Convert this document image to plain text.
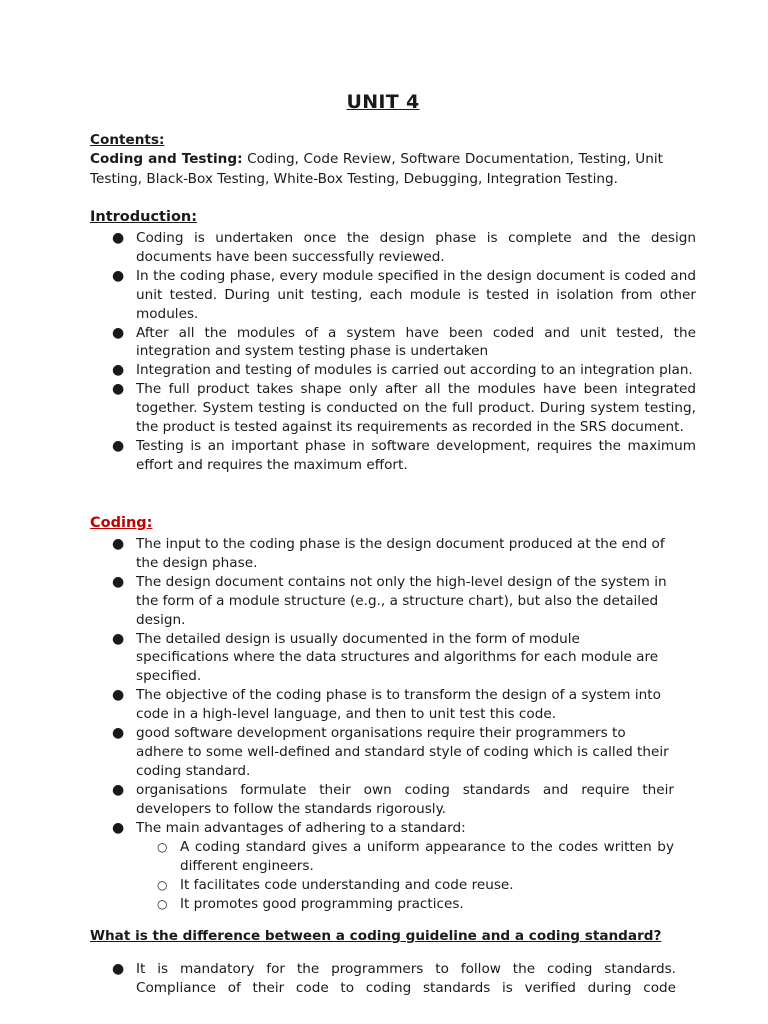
UNIT 4
Contents:
Coding and Testing: Coding, Code Review, Software Documentation, Testing, Unit Testing, Black-Box Testing, White-Box Testing, Debugging, Integration Testing.
Introduction:
● Coding is undertaken once the design phase is complete and the design documents have been successfully reviewed.
● In the coding phase, every module specified in the design document is coded and unit tested. During unit testing, each module is tested in isolation from other modules.
● After all the modules of a system have been coded and unit tested, the integration and system testing phase is undertaken
● Integration and testing of modules is carried out according to an integration plan.
● The full product takes shape only after all the modules have been integrated together. System testing is conducted on the full product. During system testing, the product is tested against its requirements as recorded in the SRS document.
● Testing is an important phase in software development, requires the maximum effort and requires the maximum effort.
Coding:
● The input to the coding phase is the design document produced at the end of the design phase.
● The design document contains not only the high-level design of the system in the form of a module structure (e.g., a structure chart), but also the detailed design.
● The detailed design is usually documented in the form of module specifications where the data structures and algorithms for each module are specified.
● The objective of the coding phase is to transform the design of a system into code in a high-level language, and then to unit test this code.
● good software development organisations require their programmers to adhere to some well-defined and standard style of coding which is called their coding standard.
● organisations formulate their own coding standards and require their developers to follow the standards rigorously.
● The main advantages of adhering to a standard:
○ A coding standard gives a uniform appearance to the codes written by different engineers.
○ It facilitates code understanding and code reuse.
○ It promotes good programming practices.
What is the difference between a coding guideline and a coding standard?
● It is mandatory for the programmers to follow the coding standards. Compliance of their code to coding standards is verified during code
